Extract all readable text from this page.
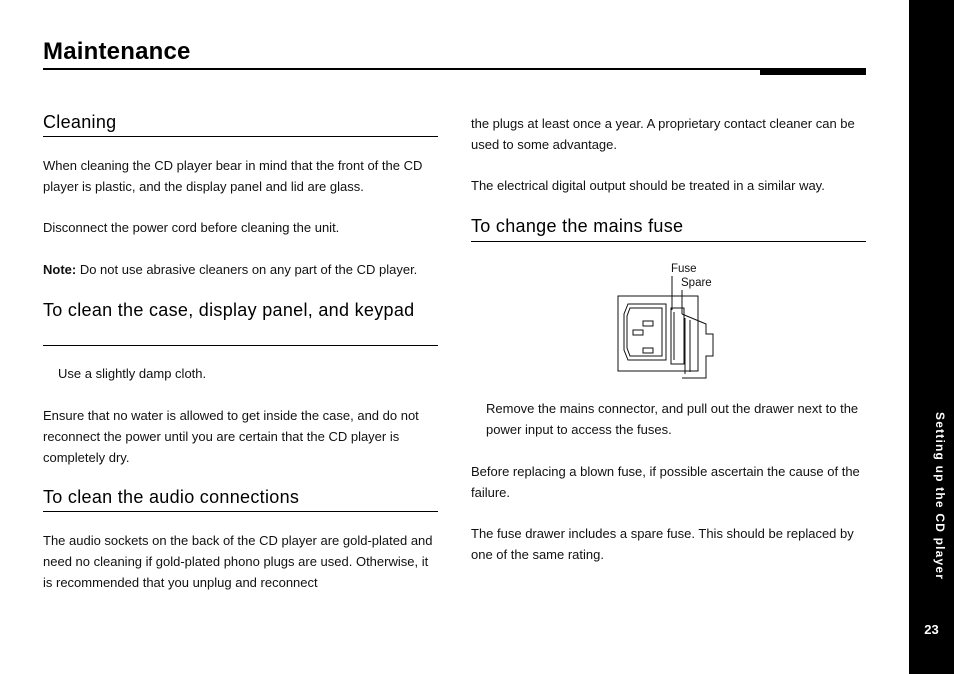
Maintenance
Setting up the CD player
23
Cleaning

When cleaning the CD player bear in mind that the front of the CD player is plastic, and the display panel and lid are glass.

Disconnect the power cord before cleaning the unit.

Note: Do not use abrasive cleaners on any part of the CD player.

To clean the case, display panel, and keypad

Use a slightly damp cloth.

Ensure that no water is allowed to get inside the case, and do not reconnect the power until you are certain that the CD player is completely dry.

To clean the audio connections

The audio sockets on the back of the CD player are gold-plated and need no cleaning if gold-plated phono plugs are used. Otherwise, it is recommended that you unplug and reconnect

the plugs at least once a year. A proprietary contact cleaner can be used to some advantage.

The electrical digital output should be treated in a similar way.

To change the mains fuse
Fuse
Spare

Remove the mains connector, and pull out the drawer next to the power input to access the fuses.

Before replacing a blown fuse, if possible ascertain the cause of the failure.

The fuse drawer includes a spare fuse. This should be replaced by one of the same rating.
